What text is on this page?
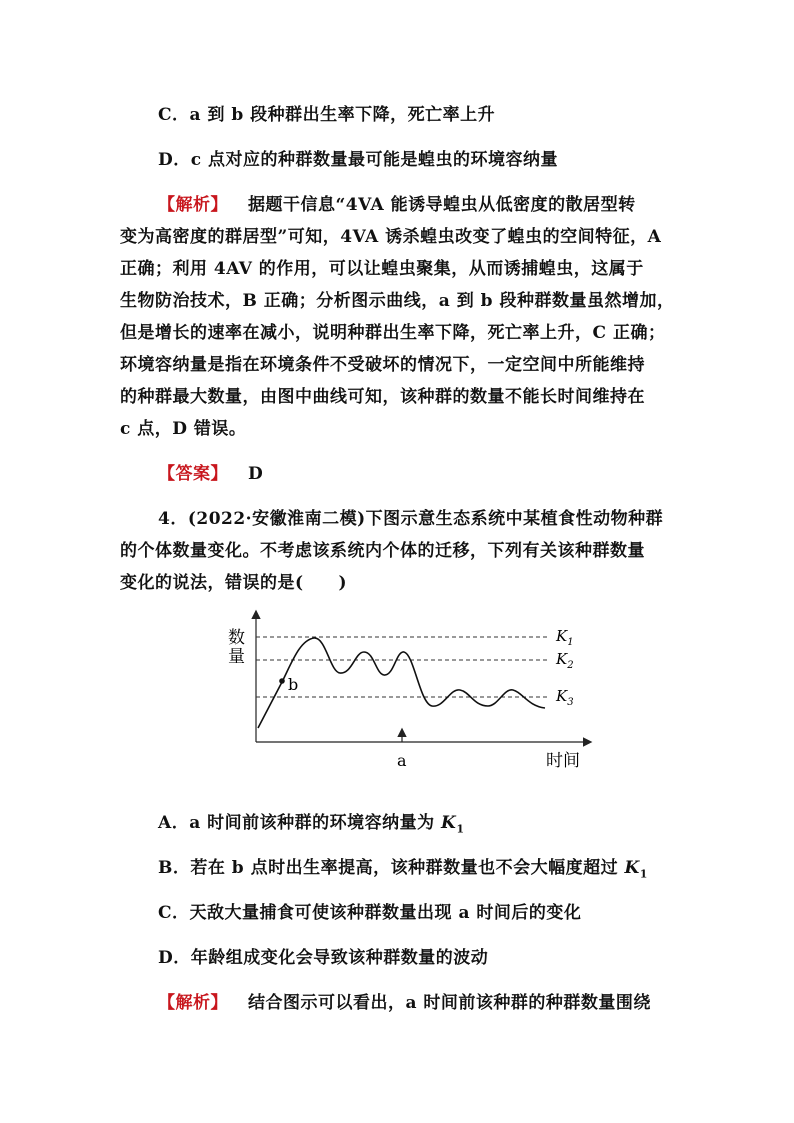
C．a 到 b 段种群出生率下降，死亡率上升
D．c 点对应的种群数量最可能是蝗虫的环境容纳量
【解析】 据题干信息“4VA 能诱导蝗虫从低密度的散居型转
变为高密度的群居型”可知，4VA 诱杀蝗虫改变了蝗虫的空间特征，A
正确；利用 4AV 的作用，可以让蝗虫聚集，从而诱捕蝗虫，这属于
生物防治技术，B 正确；分析图示曲线，a 到 b 段种群数量虽然增加，
但是增长的速率在减小，说明种群出生率下降，死亡率上升，C 正确；
环境容纳量是指在环境条件不受破坏的情况下，一定空间中所能维持
的种群最大数量，由图中曲线可知，该种群的数量不能长时间维持在
c 点，D 错误。
【答案】 D
4．(2022·安徽淮南二模)下图示意生态系统中某植食性动物种群
的个体数量变化。不考虑该系统内个体的迁移，下列有关该种群数量
变化的说法，错误的是(　　)
数
量
时间
$K_1$
$K_2$
$K_3$
b
a
A．a 时间前该种群的环境容纳量为 $K_1$
B．若在 b 点时出生率提高，该种群数量也不会大幅度超过 $K_1$
C．天敌大量捕食可使该种群数量出现 a 时间后的变化
D．年龄组成变化会导致该种群数量的波动
【解析】 结合图示可以看出，a 时间前该种群的种群数量围绕
